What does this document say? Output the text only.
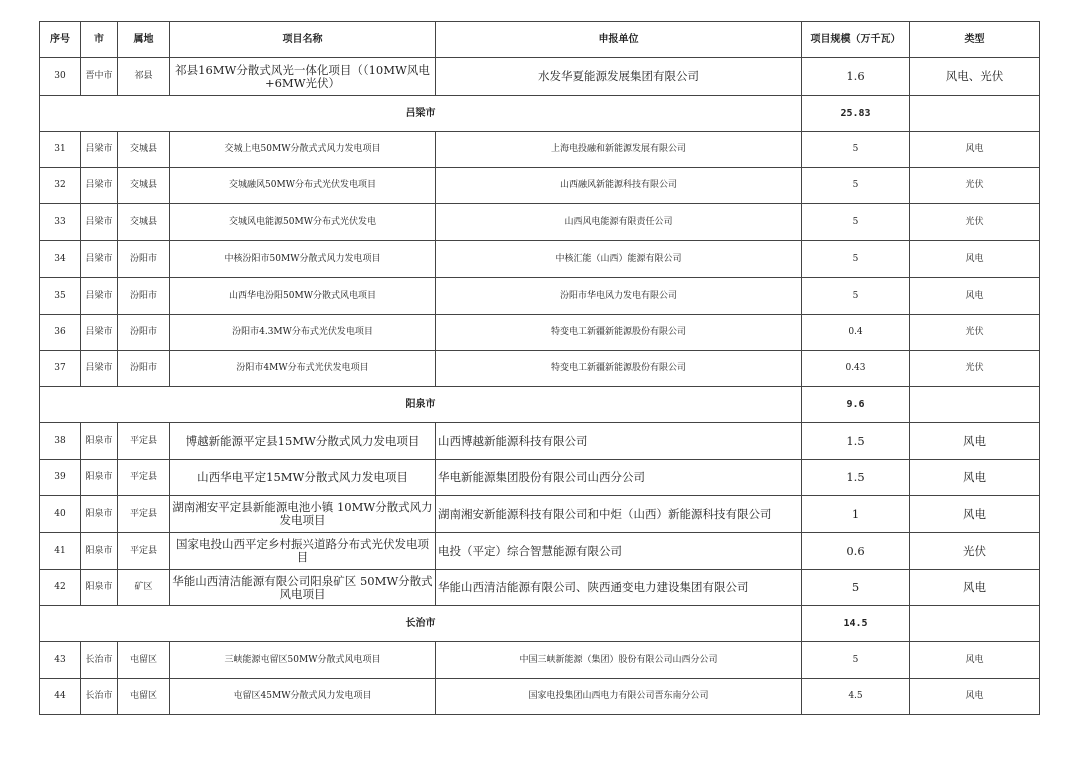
序号	市	属地	项目名称	申报单位	项目规模（万千瓦）	类型
30	晋中市	祁县	祁县16MW分散式风光一体化项目（（10MW风电+6MW光伏）	水发华夏能源发展集团有限公司	1.6	风电、光伏
吕梁市					25.83	
31	吕梁市	交城县	交城上电50MW分散式式风力发电项目	上海电投融和新能源发展有限公司	5	风电
32	吕梁市	交城县	交城融风50MW分布式光伏发电项目	山西融风新能源科技有限公司	5	光伏
33	吕梁市	交城县	交城风电能源50MW分布式光伏发电	山西风电能源有限责任公司	5	光伏
34	吕梁市	汾阳市	中核汾阳市50MW分散式风力发电项目	中核汇能（山西）能源有限公司	5	风电
35	吕梁市	汾阳市	山西华电汾阳50MW分散式风电项目	汾阳市华电风力发电有限公司	5	风电
36	吕梁市	汾阳市	汾阳市4.3MW分布式光伏发电项目	特变电工新疆新能源股份有限公司	0.4	光伏
37	吕梁市	汾阳市	汾阳市4MW分布式光伏发电项目	特变电工新疆新能源股份有限公司	0.43	光伏
阳泉市					9.6	
38	阳泉市	平定县	博越新能源平定县15MW分散式风力发电项目	山西博越新能源科技有限公司	1.5	风电
39	阳泉市	平定县	山西华电平定15MW分散式风力发电项目	华电新能源集团股份有限公司山西分公司	1.5	风电
40	阳泉市	平定县	湖南湘安平定县新能源电池小镇 10MW分散式风力发电项目	湖南湘安新能源科技有限公司和中炬（山西）新能源科技有限公司	1	风电
41	阳泉市	平定县	国家电投山西平定乡村振兴道路分布式光伏发电项目	电投（平定）综合智慧能源有限公司	0.6	光伏
42	阳泉市	矿区	华能山西清洁能源有限公司阳泉矿区 50MW分散式风电项目	华能山西清洁能源有限公司、陕西通变电力建设集团有限公司	5	风电
长治市					14.5	
43	长治市	屯留区	三峡能源屯留区50MW分散式风电项目	中国三峡新能源（集团）股份有限公司山西分公司	5	风电
44	长治市	屯留区	屯留区45MW分散式风力发电项目	国家电投集团山西电力有限公司晋东南分公司	4.5	风电
